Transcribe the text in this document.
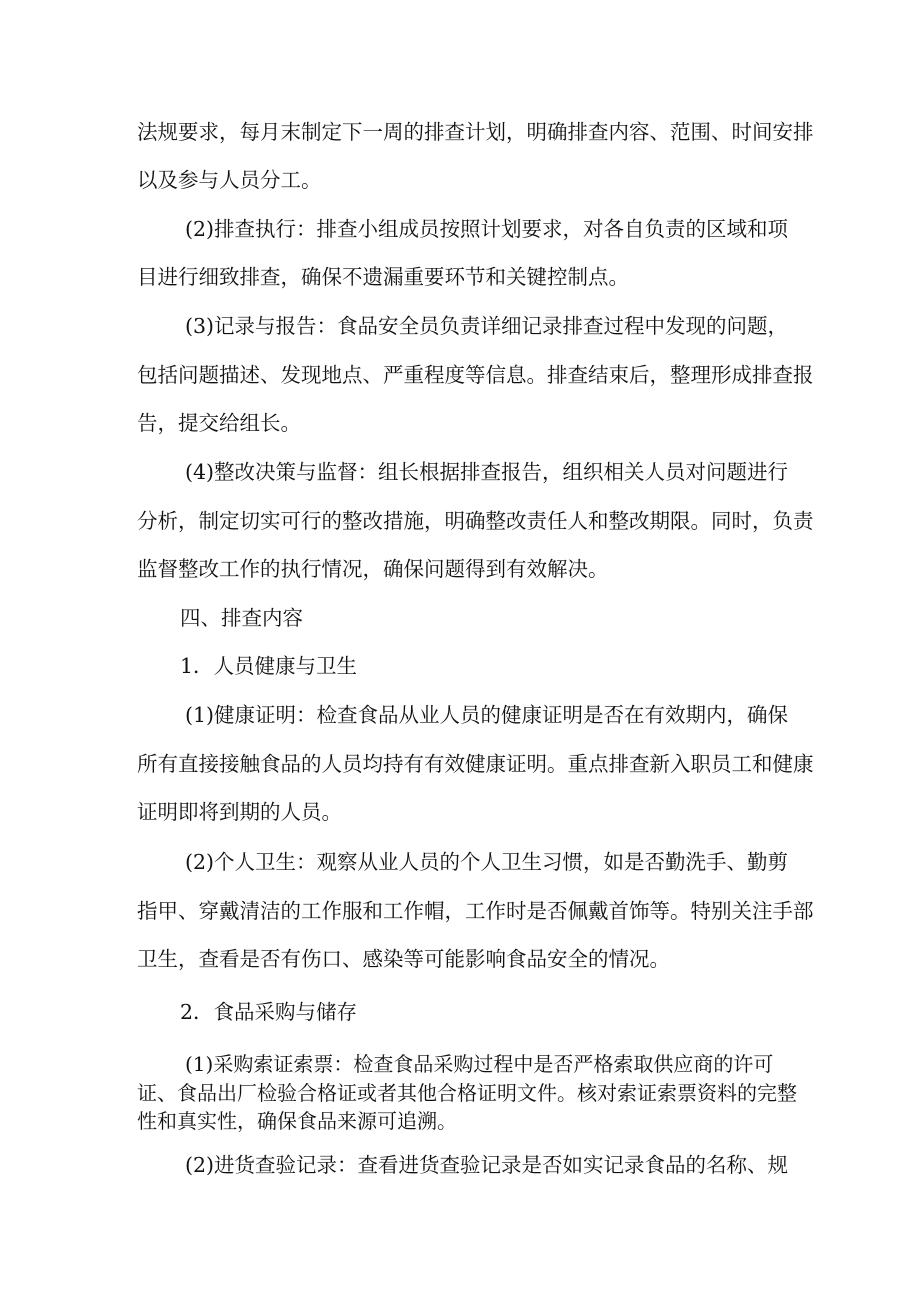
法规要求，每月末制定下一周的排查计划，明确排查内容、范围、时间安排
以及参与人员分工。
(2)排查执行：排查小组成员按照计划要求，对各自负责的区域和项
目进行细致排查，确保不遗漏重要环节和关键控制点。
(3)记录与报告：食品安全员负责详细记录排查过程中发现的问题，
包括问题描述、发现地点、严重程度等信息。排查结束后，整理形成排查报
告，提交给组长。
(4)整改决策与监督：组长根据排查报告，组织相关人员对问题进行
分析，制定切实可行的整改措施，明确整改责任人和整改期限。同时，负责
监督整改工作的执行情况，确保问题得到有效解决。
四、排查内容
1．人员健康与卫生
(1)健康证明：检查食品从业人员的健康证明是否在有效期内，确保
所有直接接触食品的人员均持有有效健康证明。重点排查新入职员工和健康
证明即将到期的人员。
(2)个人卫生：观察从业人员的个人卫生习惯，如是否勤洗手、勤剪
指甲、穿戴清洁的工作服和工作帽，工作时是否佩戴首饰等。特别关注手部
卫生，查看是否有伤口、感染等可能影响食品安全的情况。
2．食品采购与储存
(1)采购索证索票：检查食品采购过程中是否严格索取供应商的许可
证、食品出厂检验合格证或者其他合格证明文件。核对索证索票资料的完整
性和真实性，确保食品来源可追溯。
(2)进货查验记录：查看进货查验记录是否如实记录食品的名称、规
